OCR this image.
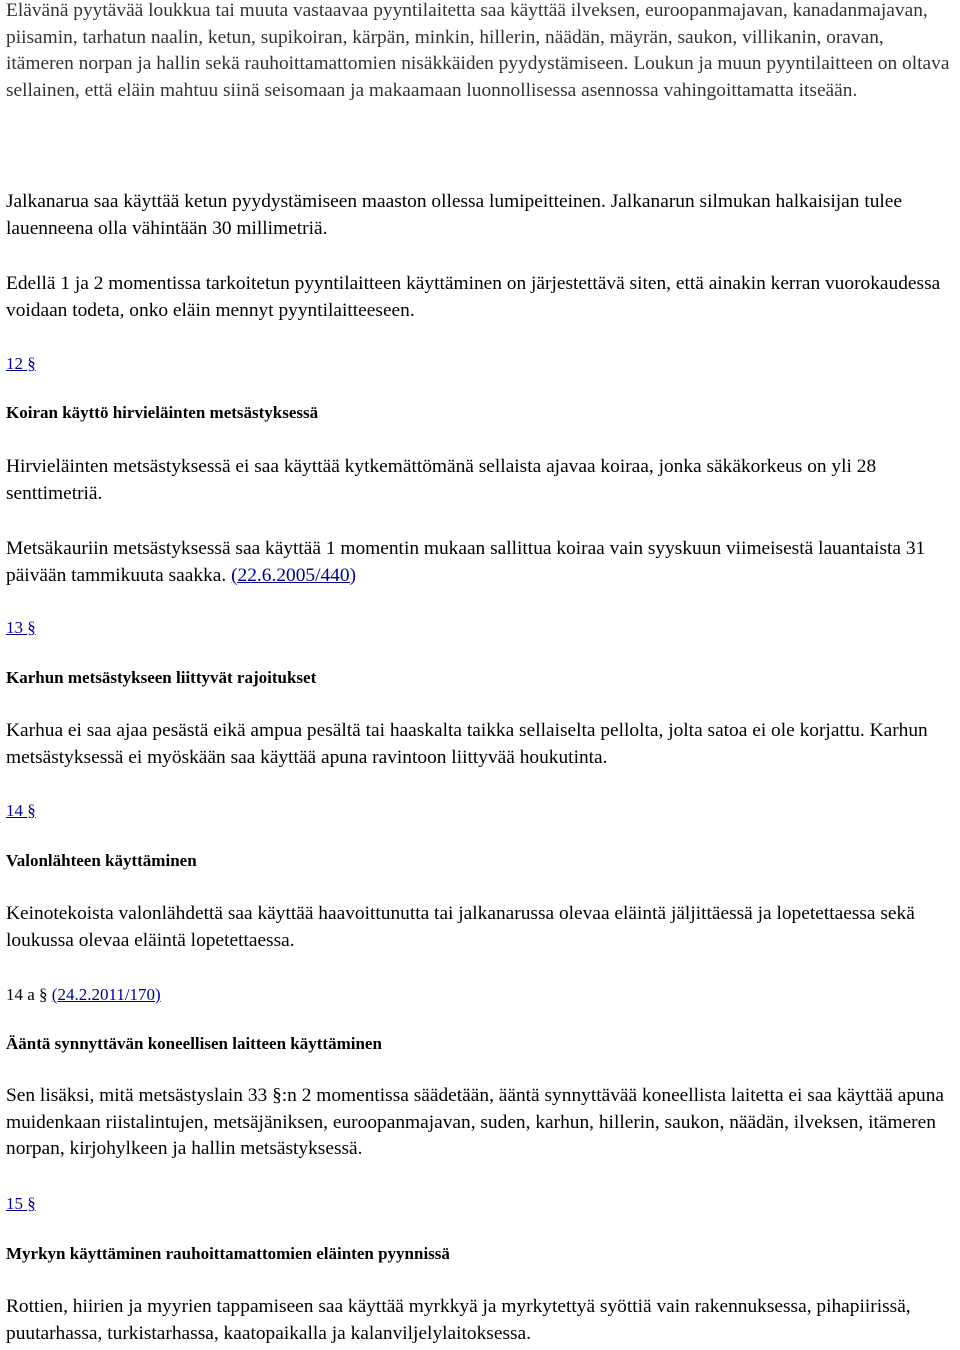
Elävänä pyytävää loukkua tai muuta vastaavaa pyyntilaitetta saa käyttää ilveksen, euroopanmajavan, kanadanmajavan, piisamin, tarhatun naalin, ketun, supikoiran, kärpän, minkin, hillerin, näädän, mäyrän, saukon, villikanin, oravan, itämeren norpan ja hallin sekä rauhoittamattomien nisäkkäiden pyydystämiseen. Loukun ja muun pyyntilaitteen on oltava sellainen, että eläin mahtuu siinä seisomaan ja makaamaan luonnollisessa asennossa vahingoittamatta itseään.

Jalkanarua saa käyttää ketun pyydystämiseen maaston ollessa lumipeitteinen. Jalkanarun silmukan halkaisijan tulee lauenneena olla vähintään 30 millimetriä.

Edellä 1 ja 2 momentissa tarkoitetun pyyntilaitteen käyttäminen on järjestettävä siten, että ainakin kerran vuorokaudessa voidaan todeta, onko eläin mennyt pyyntilaitteeseen.

12 §

Koiran käyttö hirvieläinten metsästyksessä

Hirvieläinten metsästyksessä ei saa käyttää kytkemättömänä sellaista ajavaa koiraa, jonka säkäkorkeus on yli 28 senttimetriä.

Metsäkauriin metsästyksessä saa käyttää 1 momentin mukaan sallittua koiraa vain syyskuun viimeisestä lauantaista 31 päivään tammikuuta saakka. (22.6.2005/440)

13 §

Karhun metsästykseen liittyvät rajoitukset

Karhua ei saa ajaa pesästä eikä ampua pesältä tai haaskalta taikka sellaiselta pellolta, jolta satoa ei ole korjattu. Karhun metsästyksessä ei myöskään saa käyttää apuna ravintoon liittyvää houkutinta.

14 §

Valonlähteen käyttäminen

Keinotekoista valonlähdettä saa käyttää haavoittunutta tai jalkanarussa olevaa eläintä jäljittäessä ja lopetettaessa sekä loukussa olevaa eläintä lopetettaessa.

14 a § (24.2.2011/170)

Ääntä synnyttävän koneellisen laitteen käyttäminen

Sen lisäksi, mitä metsästyslain 33 §:n 2 momentissa säädetään, ääntä synnyttävää koneellista laitetta ei saa käyttää apuna muidenkaan riistalintujen, metsäjäniksen, euroopanmajavan, suden, karhun, hillerin, saukon, näädän, ilveksen, itämeren norpan, kirjohylkeen ja hallin metsästyksessä.

15 §

Myrkyn käyttäminen rauhoittamattomien eläinten pyynnissä

Rottien, hiirien ja myyrien tappamiseen saa käyttää myrkkyä ja myrkytettyä syöttiä vain rakennuksessa, pihapiirissä, puutarhassa, turkistarhassa, kaatopaikalla ja kalanviljelylaitoksessa.
